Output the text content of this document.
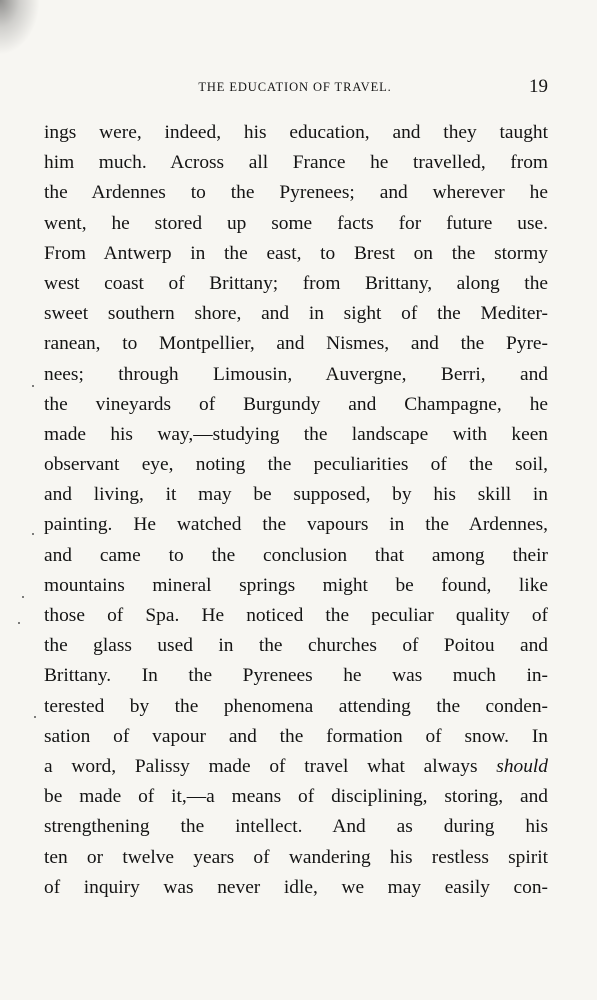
THE EDUCATION OF TRAVEL.	19
ings were, indeed, his education, and they taught
him much. Across all France he travelled, from
the Ardennes to the Pyrenees; and wherever he
went, he stored up some facts for future use.
From Antwerp in the east, to Brest on the stormy
west coast of Brittany; from Brittany, along the
sweet southern shore, and in sight of the Mediter-
ranean, to Montpellier, and Nismes, and the Pyre-
nees; through Limousin, Auvergne, Berri, and
the vineyards of Burgundy and Champagne, he
made his way,—studying the landscape with keen
observant eye, noting the peculiarities of the soil,
and living, it may be supposed, by his skill in
painting. He watched the vapours in the Ardennes,
and came to the conclusion that among their
mountains mineral springs might be found, like
those of Spa. He noticed the peculiar quality of
the glass used in the churches of Poitou and
Brittany. In the Pyrenees he was much in-
terested by the phenomena attending the conden-
sation of vapour and the formation of snow. In
a word, Palissy made of travel what always should
be made of it,—a means of disciplining, storing, and
strengthening the intellect. And as during his
ten or twelve years of wandering his restless spirit
of inquiry was never idle, we may easily con-
